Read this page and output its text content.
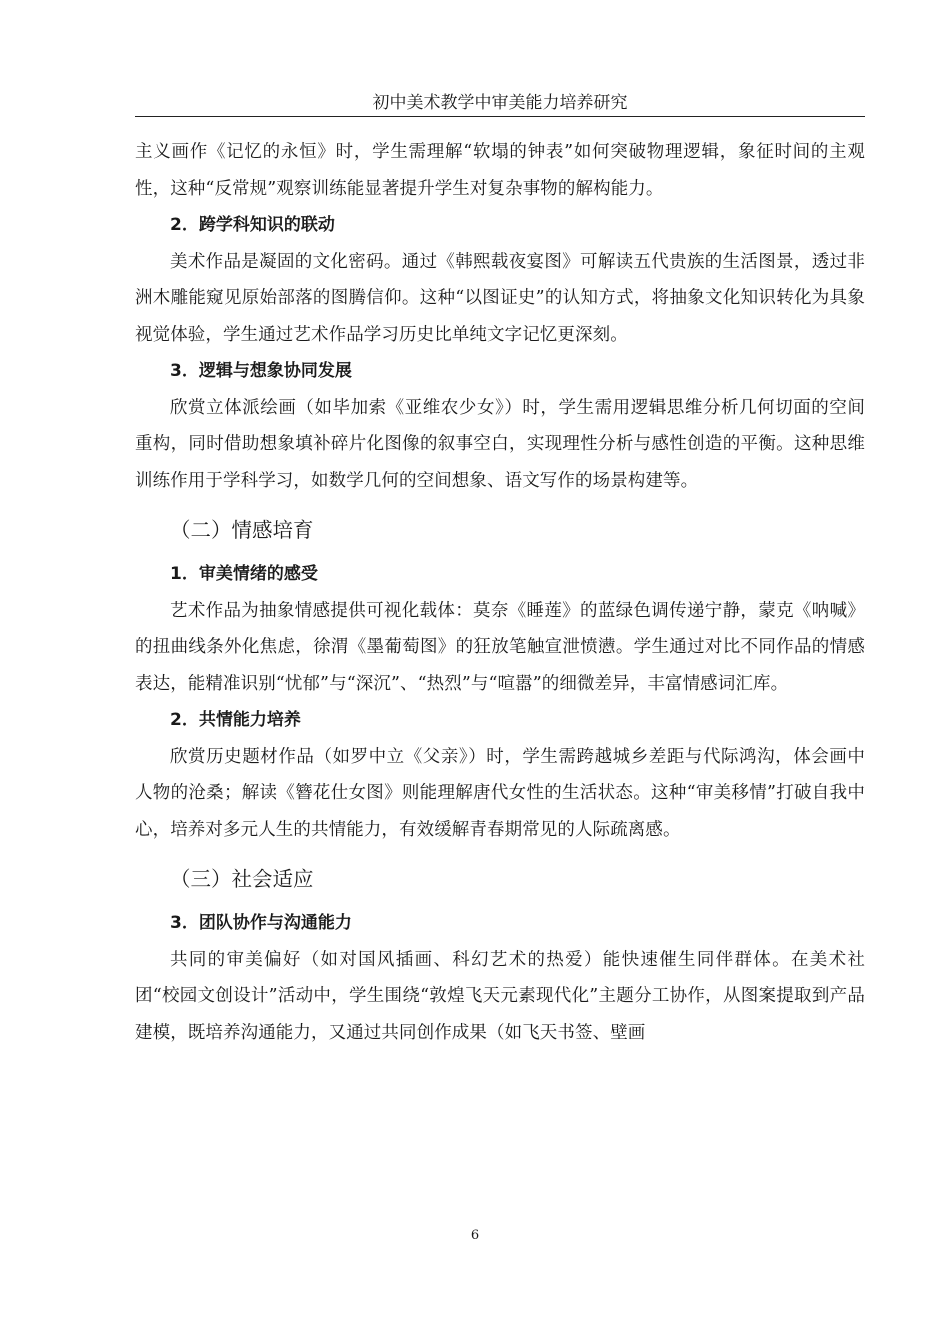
初中美术教学中审美能力培养研究

主义画作《记忆的永恒》时，学生需理解“软塌的钟表”如何突破物理逻辑，象征时间的主观性，这种“反常规”观察训练能显著提升学生对复杂事物的解构能力。

2．跨学科知识的联动

美术作品是凝固的文化密码。通过《韩熙载夜宴图》可解读五代贵族的生活图景，透过非洲木雕能窥见原始部落的图腾信仰。这种“以图证史”的认知方式，将抽象文化知识转化为具象视觉体验，学生通过艺术作品学习历史比单纯文字记忆更深刻。

3．逻辑与想象协同发展

欣赏立体派绘画（如毕加索《亚维农少女》）时，学生需用逻辑思维分析几何切面的空间重构，同时借助想象填补碎片化图像的叙事空白，实现理性分析与感性创造的平衡。这种思维训练作用于学科学习，如数学几何的空间想象、语文写作的场景构建等。

（二）情感培育

1．审美情绪的感受

艺术作品为抽象情感提供可视化载体：莫奈《睡莲》的蓝绿色调传递宁静，蒙克《呐喊》的扭曲线条外化焦虑，徐渭《墨葡萄图》的狂放笔触宣泄愤懑。学生通过对比不同作品的情感表达，能精准识别“忧郁”与“深沉”、“热烈”与“喧嚣”的细微差异，丰富情感词汇库。

2．共情能力培养

欣赏历史题材作品（如罗中立《父亲》）时，学生需跨越城乡差距与代际鸿沟，体会画中人物的沧桑；解读《簪花仕女图》则能理解唐代女性的生活状态。这种“审美移情”打破自我中心，培养对多元人生的共情能力，有效缓解青春期常见的人际疏离感。

（三）社会适应

3．团队协作与沟通能力

共同的审美偏好（如对国风插画、科幻艺术的热爱）能快速催生同伴群体。在美术社团“校园文创设计”活动中，学生围绕“敦煌飞天元素现代化”主题分工协作，从图案提取到产品建模，既培养沟通能力，又通过共同创作成果（如飞天书签、壁画

6
